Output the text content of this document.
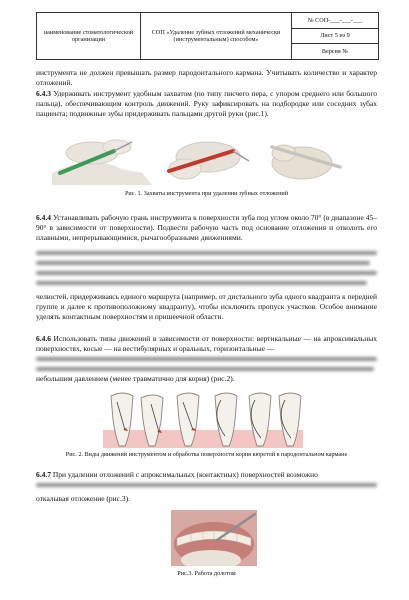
наименование стоматологической организации
СОП «Удаление зубных отложений механически (инструментальным) способом»
№ СОП-___-___-___
Лист 5 из 9
Версия №

инструмента не должен превышать размер пародонтального кармана. Учитывать количество и характер отложений.

6.4.3 Удерживать инструмент удобным захватом (по типу писчего пера, с упором среднего или большого пальца), обеспечивающим контроль движений. Руку зафиксировать на подбородке или соседних зубах пациента; подвижные зубы придерживать пальцами другой руки (рис.1).

Рис. 1. Захваты инструмента при удалении зубных отложений

6.4.4 Устанавливать рабочую грань инструмента к поверхности зуба под углом около 70° (в диапазоне 45–90° в зависимости от поверхности). Подвести рабочую часть под основание отложения и отколоть его плавными, непрерывающимися, рычагообразными движениями.

челюстей, придерживаясь единого маршрута (например, от дистального зуба одного квадранта к передней группе и далее к противоположному квадранту), чтобы исключить пропуск участков. Особое внимание уделять контактным поверхностям и пришеечной области.

6.4.6 Использовать типы движений в зависимости от поверхности: вертикальные — на апроксимальных поверхностях, косые — на вестибулярных и оральных, горизонтальные —

небольшим давлением (менее травматично для корня) (рис.2).

Рис. 2. Виды движений инструментом и обработка поверхности корня кюретой в пародонтальном кармане

6.4.7 При удалении отложений с апроксимальных (контактных) поверхностей возможно

откалывая отложение (рис.3).

Рис.3. Работа долотом
